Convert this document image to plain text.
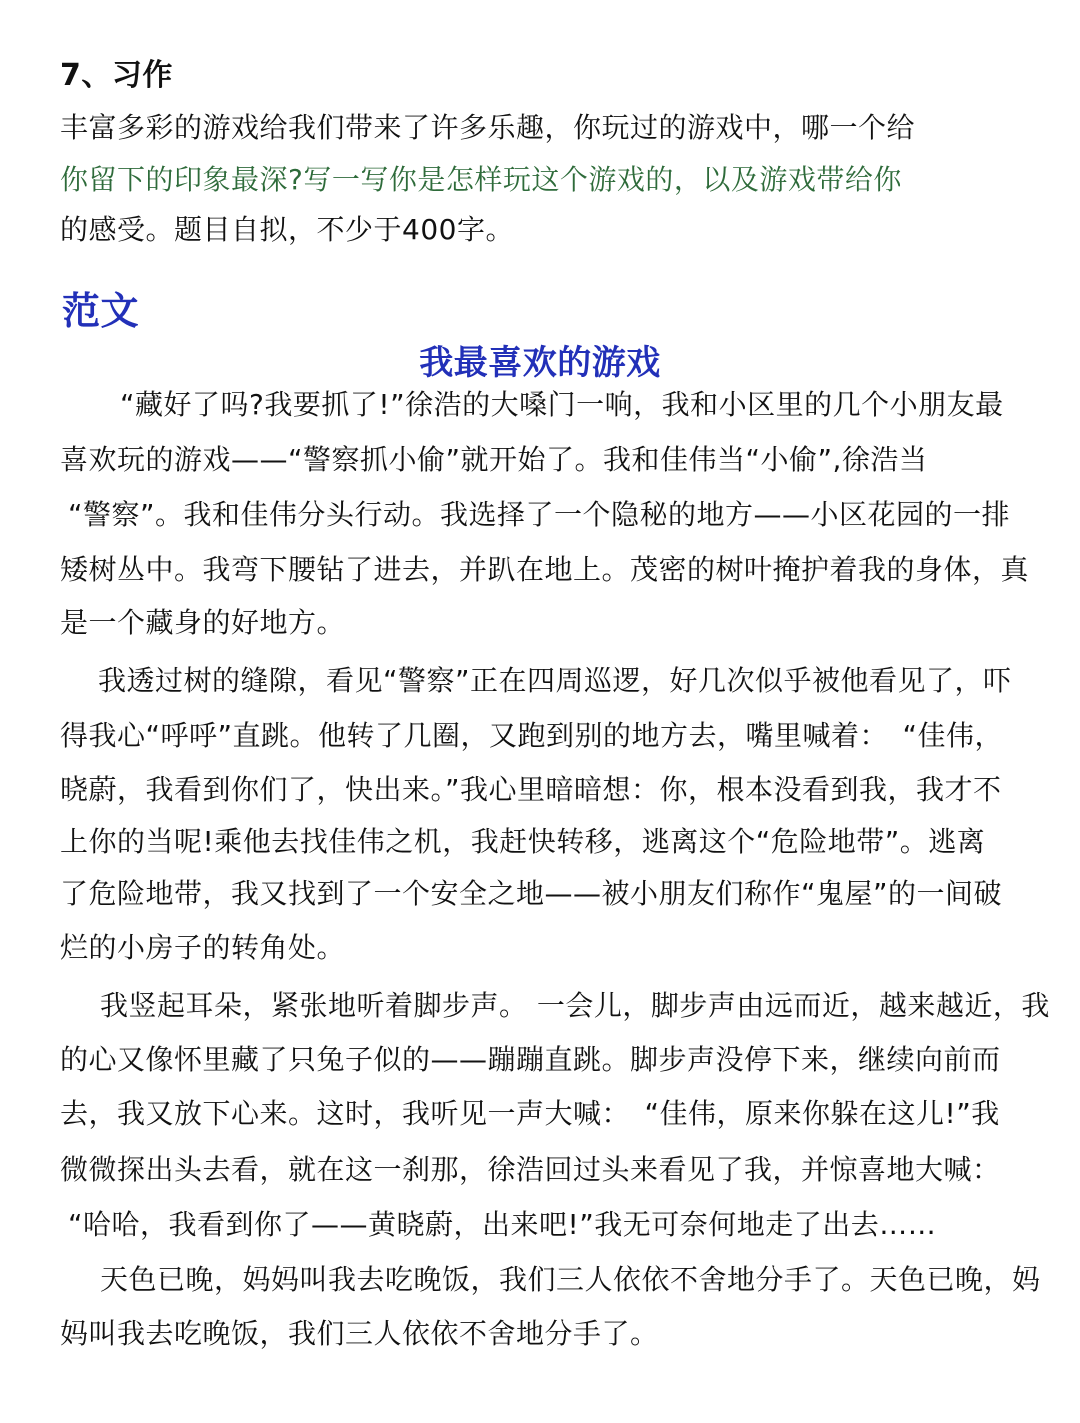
7、习作
丰富多彩的游戏给我们带来了许多乐趣，你玩过的游戏中，哪一个给
你留下的印象最深?写一写你是怎样玩这个游戏的，以及游戏带给你
的感受。题目自拟，不少于400字。
范文
我最喜欢的游戏
“藏好了吗?我要抓了!”徐浩的大嗓门一响，我和小区里的几个小朋友最
喜欢玩的游戏——“警察抓小偷”就开始了。我和佳伟当“小偷”,徐浩当
“警察”。我和佳伟分头行动。我选择了一个隐秘的地方——小区花园的一排
矮树丛中。我弯下腰钻了进去，并趴在地上。茂密的树叶掩护着我的身体，真
是一个藏身的好地方。
我透过树的缝隙，看见“警察”正在四周巡逻，好几次似乎被他看见了，吓
得我心“呼呼”直跳。他转了几圈，又跑到别的地方去，嘴里喊着：　“佳伟，
晓蔚，我看到你们了，快出来。”我心里暗暗想：你，根本没看到我，我才不
上你的当呢!乘他去找佳伟之机，我赶快转移，逃离这个“危险地带”。逃离
了危险地带，我又找到了一个安全之地——被小朋友们称作“鬼屋”的一间破
烂的小房子的转角处。
我竖起耳朵，紧张地听着脚步声。 一会儿，脚步声由远而近，越来越近，我
的心又像怀里藏了只兔子似的——蹦蹦直跳。脚步声没停下来，继续向前而
去，我又放下心来。这时，我听见一声大喊：　“佳伟，原来你躲在这儿!”我
微微探出头去看，就在这一刹那，徐浩回过头来看见了我，并惊喜地大喊：
“哈哈，我看到你了——黄晓蔚，出来吧!”我无可奈何地走了出去……
天色已晚，妈妈叫我去吃晚饭，我们三人依依不舍地分手了。天色已晚，妈
妈叫我去吃晚饭，我们三人依依不舍地分手了。
